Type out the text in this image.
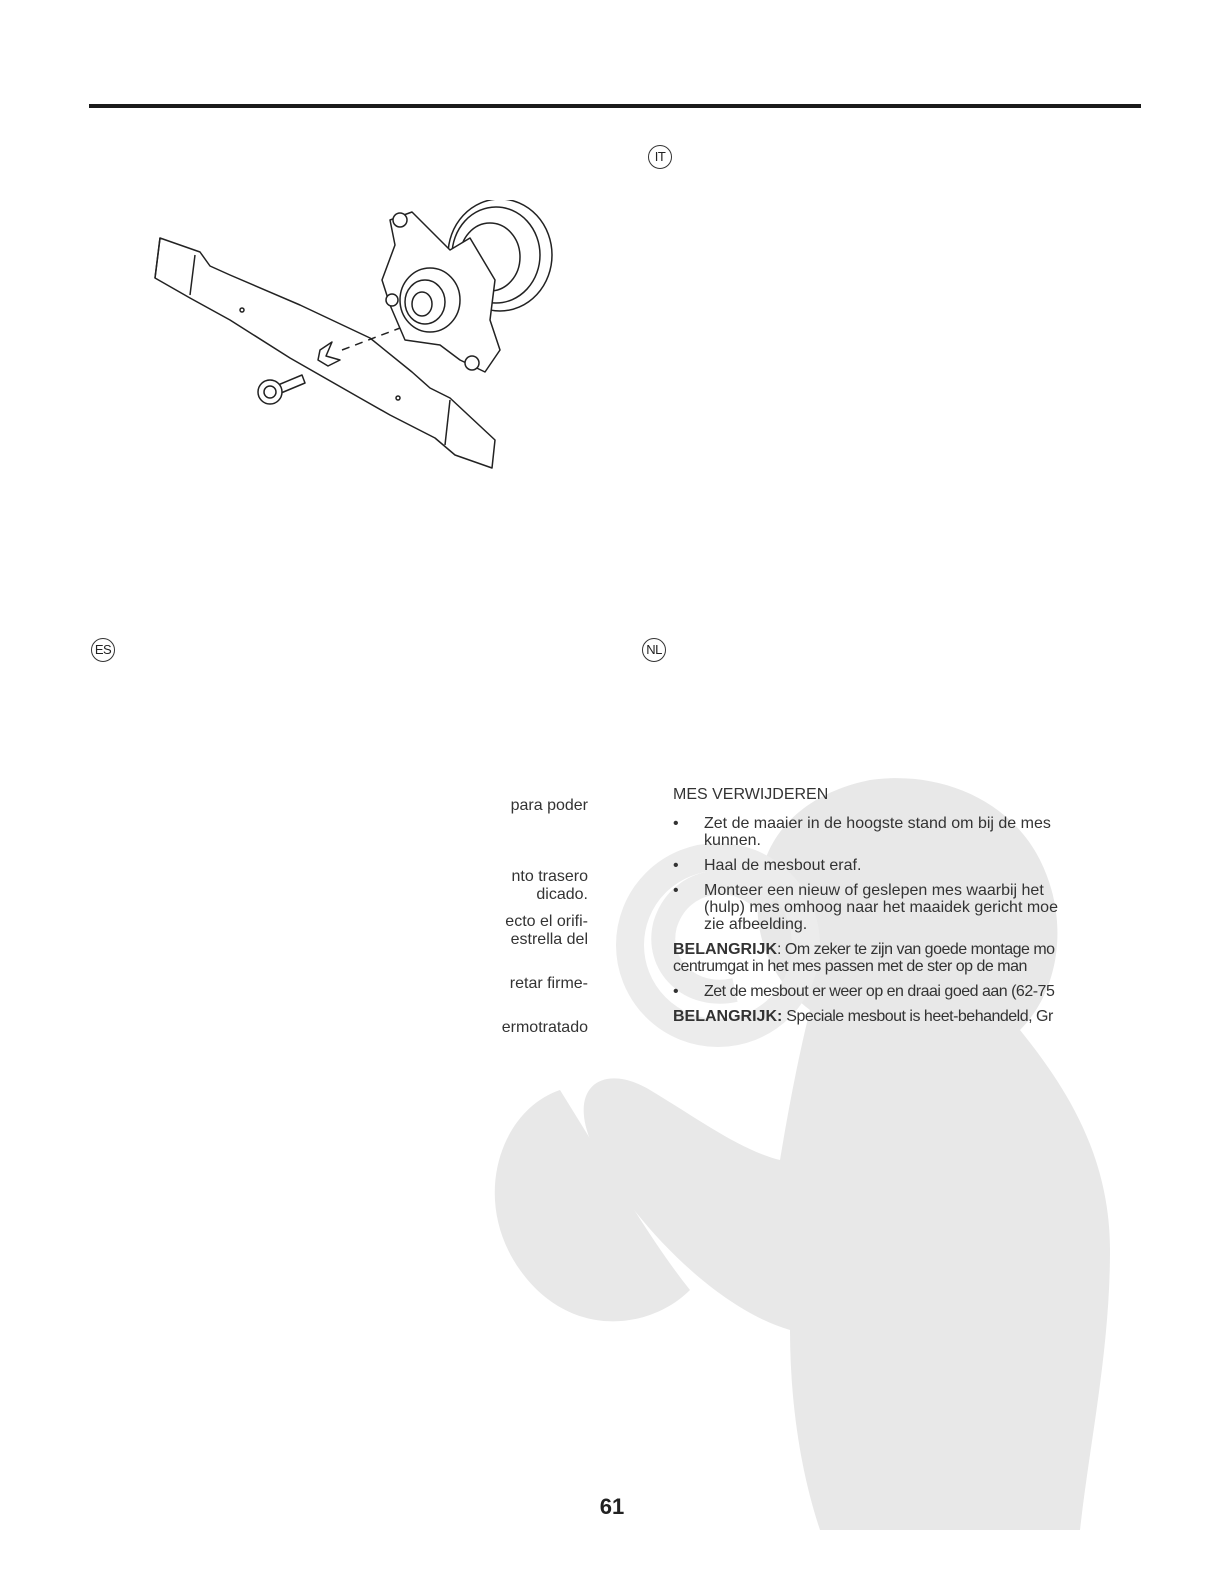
IT
ES	NL
para poder
nto trasero
dicado.
ecto el orifi-
estrella del
retar firme-
ermotratado
MES VERWIJDEREN
• Zet de maaier in de hoogste stand om bij de mes
kunnen.
• Haal de mesbout eraf.
• Monteer een nieuw of geslepen mes waarbij het
(hulp) mes omhoog naar het maaidek gericht moe
zie afbeelding.
BELANGRIJK: Om zeker te zijn van goede montage mo
centrumgat in het mes passen met de ster op de man
• Zet de mesbout er weer op en draai goed aan (62-75
BELANGRIJK: Speciale mesbout is heet-behandeld, Gr
61
